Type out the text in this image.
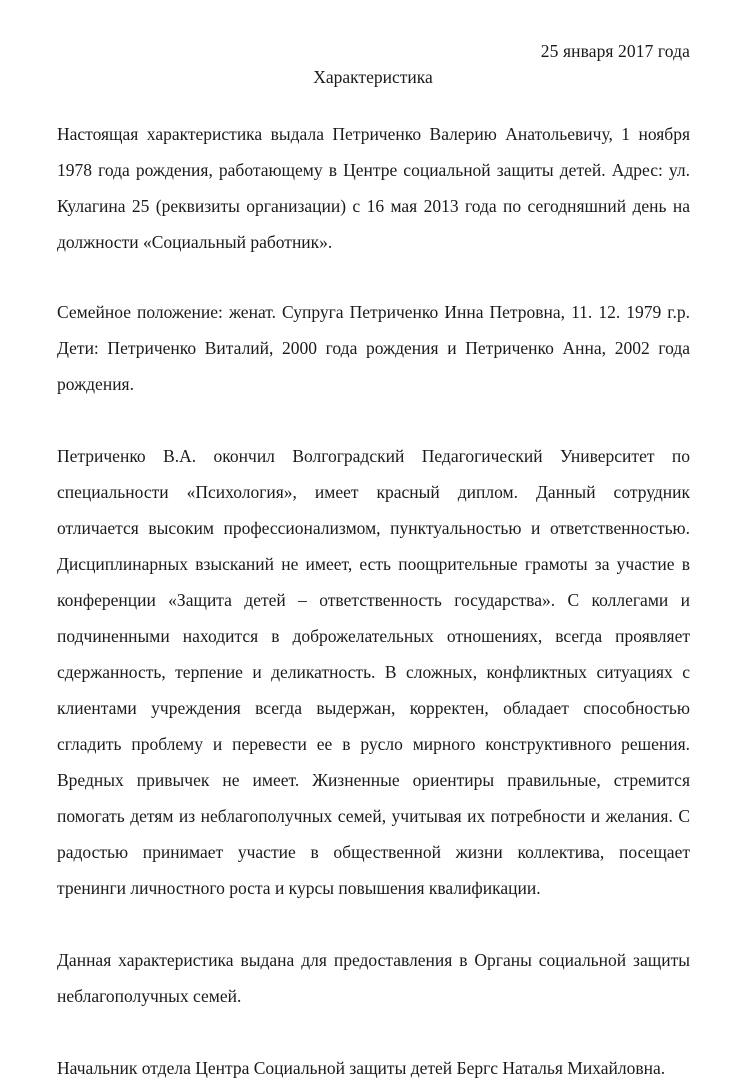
25 января 2017 года
Характеристика

Настоящая характеристика выдала Петриченко Валерию Анатольевичу, 1 ноября 1978 года рождения, работающему в Центре социальной защиты детей. Адрес: ул. Кулагина 25 (реквизиты организации) с 16 мая 2013 года по сегодняшний день на должности «Социальный работник».

Семейное положение: женат. Супруга Петриченко Инна Петровна, 11. 12. 1979 г.р. Дети: Петриченко Виталий, 2000 года рождения и Петриченко Анна, 2002 года рождения.

Петриченко В.А. окончил Волгоградский Педагогический Университет по специальности «Психология», имеет красный диплом. Данный сотрудник отличается высоким профессионализмом, пунктуальностью и ответственностью. Дисциплинарных взысканий не имеет, есть поощрительные грамоты за участие в конференции «Защита детей – ответственность государства». С коллегами и подчиненными находится в доброжелательных отношениях, всегда проявляет сдержанность, терпение и деликатность. В сложных, конфликтных ситуациях с клиентами учреждения всегда выдержан, корректен, обладает способностью сгладить проблему и перевести ее в русло мирного конструктивного решения. Вредных привычек не имеет. Жизненные ориентиры правильные, стремится помогать детям из неблагополучных семей, учитывая их потребности и желания. С радостью принимает участие в общественной жизни коллектива, посещает тренинги личностного роста и курсы повышения квалификации.

Данная характеристика выдана для предоставления в Органы социальной защиты неблагополучных семей.

Начальник отдела Центра Социальной защиты детей Бергс Наталья Михайловна.
